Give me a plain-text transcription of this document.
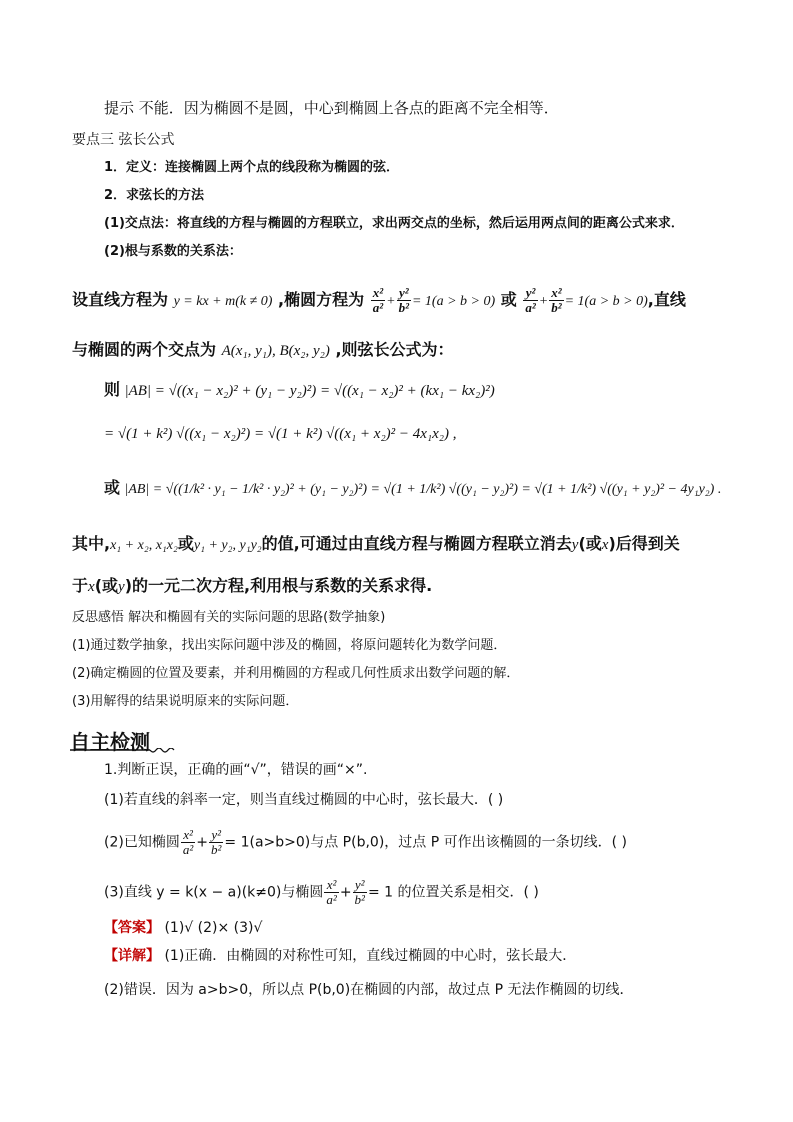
提示 不能．因为椭圆不是圆，中心到椭圆上各点的距离不完全相等．
要点三 弦长公式
1．定义：连接椭圆上两个点的线段称为椭圆的弦．
2．求弦长的方法
(1)交点法：将直线的方程与椭圆的方程联立，求出两交点的坐标，然后运用两点间的距离公式来求．
(2)根与系数的关系法：
设直线方程为 y = kx + m(k ≠ 0) ,椭圆方程为 $\frac{\text{x²}}{\text{a²}} + \frac{\text{y²}}{\text{b²}} = 1(a > b > 0)$ 或 $\frac{\text{y²}}{\text{a²}} + \frac{\text{x²}}{\text{b²}} = 1(a > b > 0)$,直线
与椭圆的两个交点为 A(x₁, y₁), B(x₂, y₂) ,则弦长公式为：
则 |AB| = √((x₁ − x₂)² + (y₁ − y₂)²) = √((x₁ − x₂)² + (kx₁ − kx₂)²)
= √(1 + k²) √((x₁ − x₂)²) = √(1 + k²) √((x₁ + x₂)² − 4x₁x₂) ,
或 |AB| = √((1/k² · y₁ − 1/k² · y₂)² + (y₁ − y₂)²) = √(1 + 1/k²) √((y₁ − y₂)²) = √(1 + 1/k²) √((y₁ + y₂)² − 4y₁y₂) .
其中,x₁ + x₂, x₁x₂或y₁ + y₂, y₁y₂的值,可通过由直线方程与椭圆方程联立消去y(或x)后得到关
于x(或y)的一元二次方程,利用根与系数的关系求得.
反思感悟 解决和椭圆有关的实际问题的思路(数学抽象)
(1)通过数学抽象，找出实际问题中涉及的椭圆，将原问题转化为数学问题．
(2)确定椭圆的位置及要素，并利用椭圆的方程或几何性质求出数学问题的解．
(3)用解得的结果说明原来的实际问题．
自主检测
1.判断正误，正确的画“√”，错误的画“×”.
(1)若直线的斜率一定，则当直线过椭圆的中心时，弦长最大．( )
(2)已知椭圆 $\frac{\text{x²}}{\text{a²}} + \frac{\text{y²}}{\text{b²}} = 1(a>b>0)$与点 P(b,0)，过点 P 可作出该椭圆的一条切线．( )
(3)直线 y = k(x − a)(k≠0)与椭圆 $\frac{\text{x²}}{\text{a²}} + \frac{\text{y²}}{\text{b²}} = 1$ 的位置关系是相交．( )
【答案】 (1)√ (2)× (3)√
【详解】 (1)正确．由椭圆的对称性可知，直线过椭圆的中心时，弦长最大．
(2)错误．因为 a>b>0，所以点 P(b,0)在椭圆的内部，故过点 P 无法作椭圆的切线．
